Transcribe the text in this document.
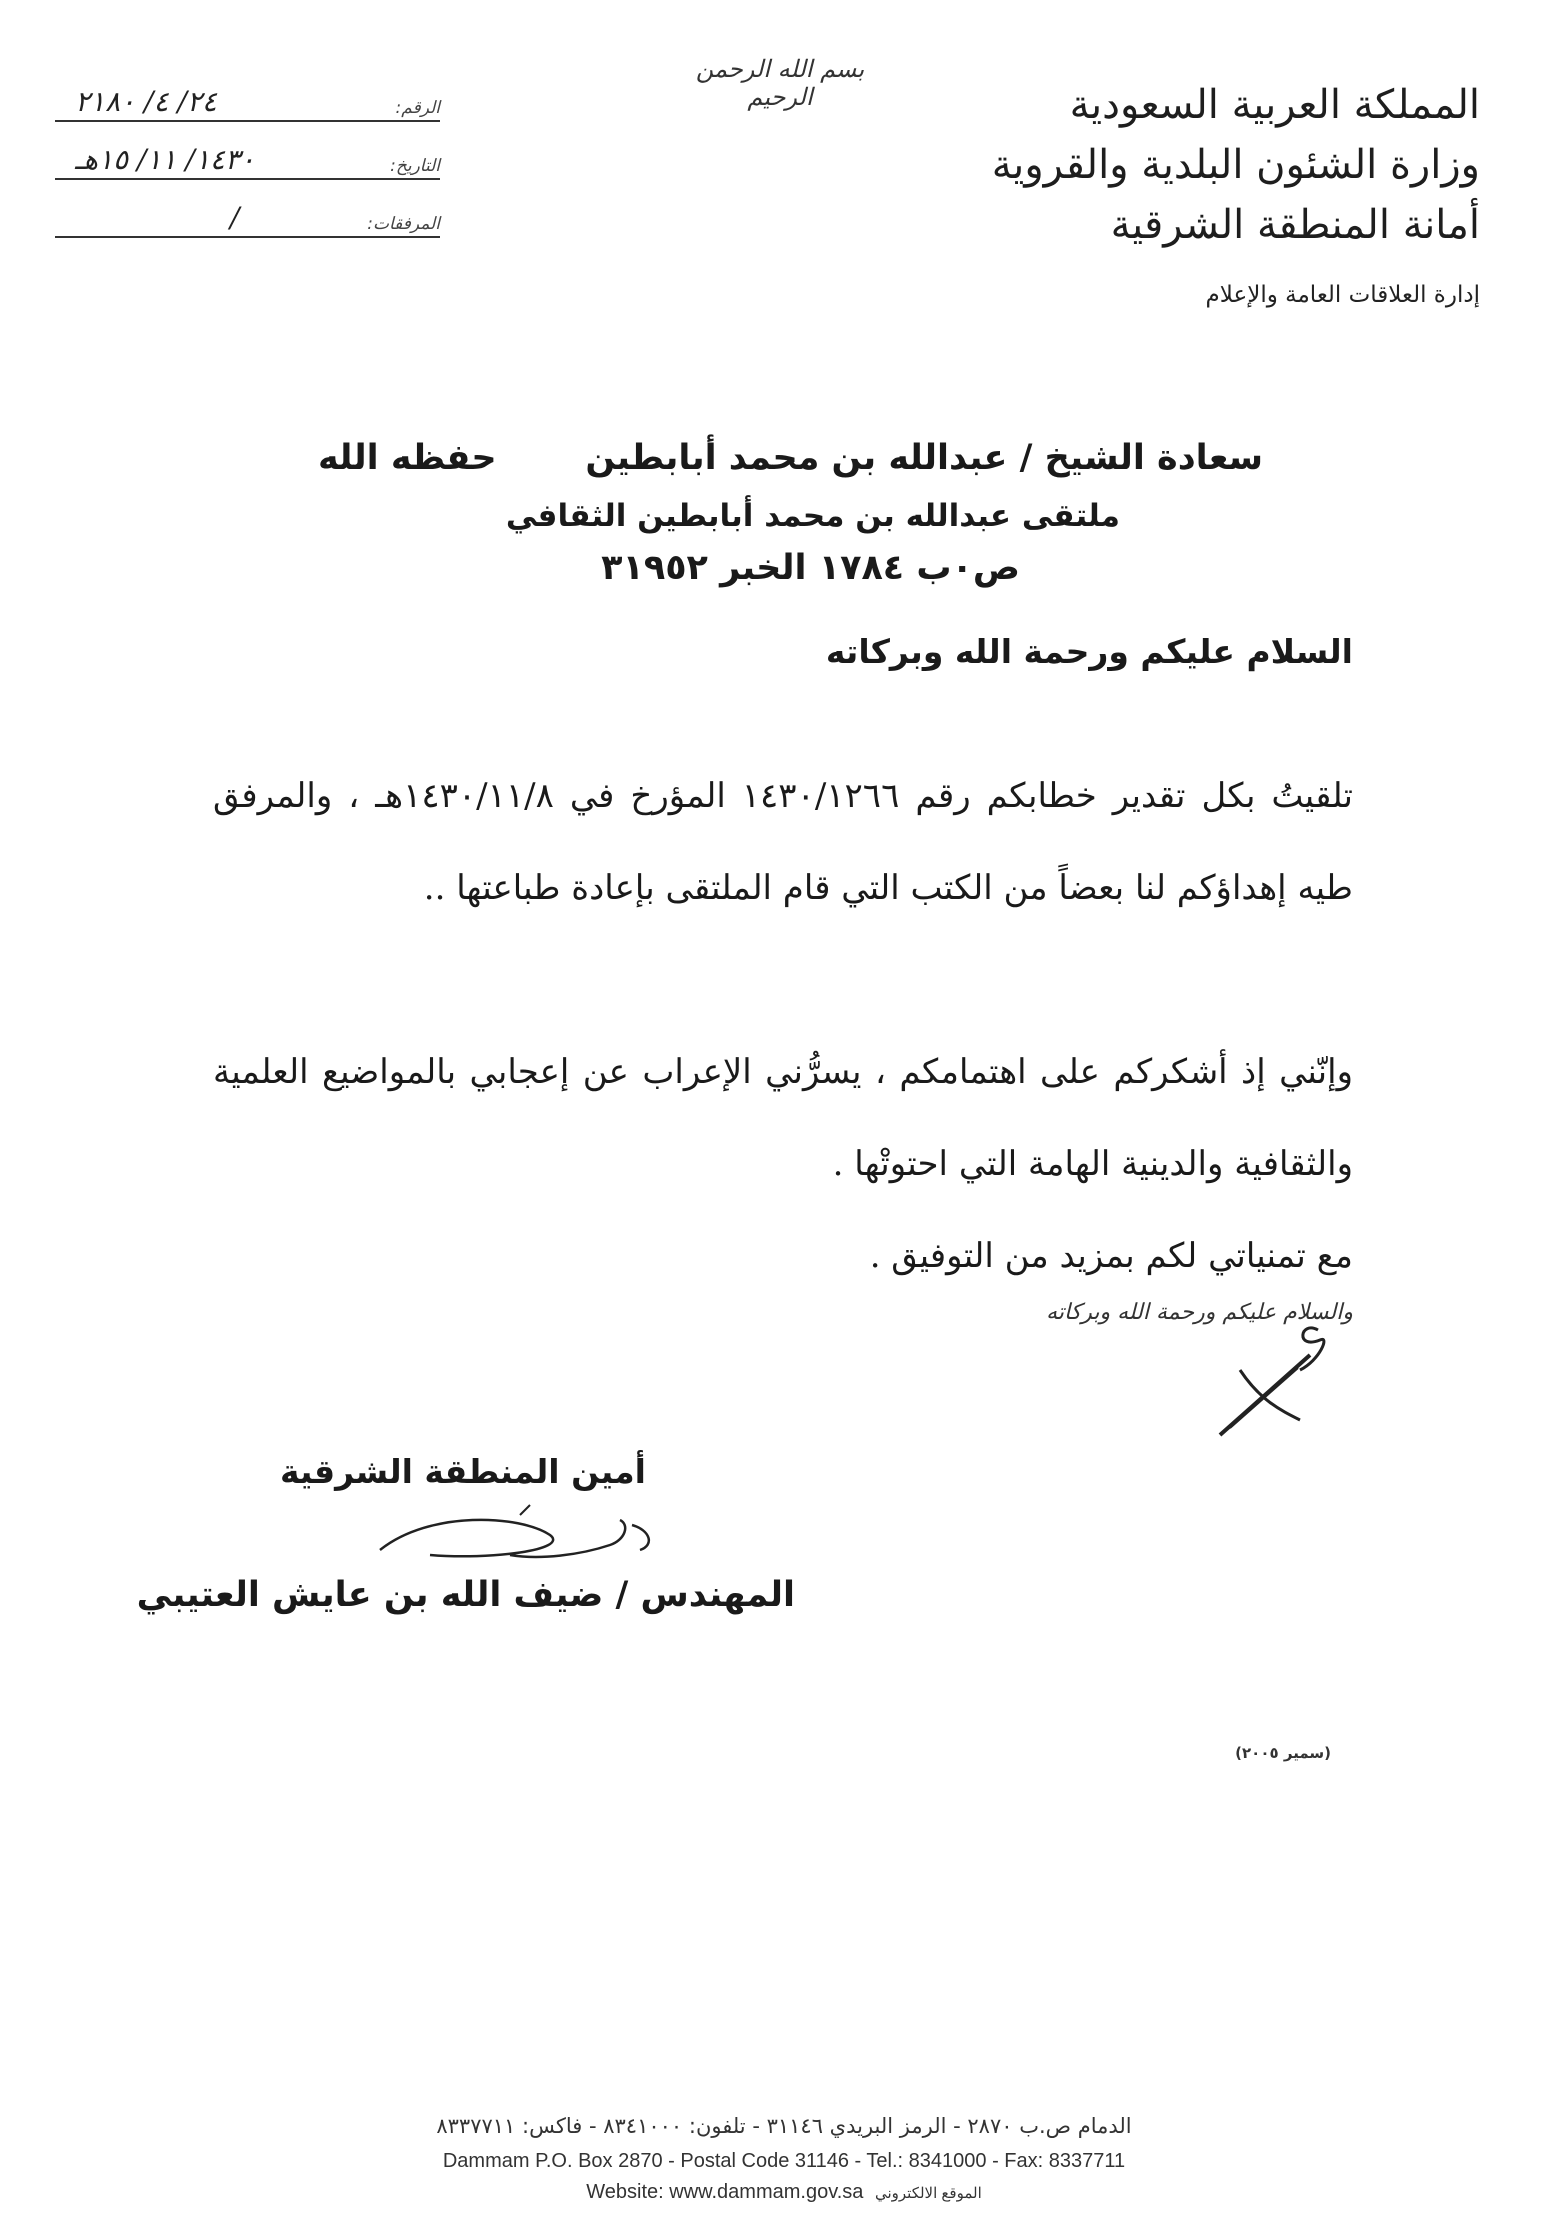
الرقم:
٢٤/ ٤/ ٢١٨٠
التاريخ:
١٤٣٠/ ١١/ ١٥هـ
المرفقات:
/
بسم الله الرحمن الرحيم	المملكة العربية السعودية
وزارة الشئون البلدية والقروية
أمانة المنطقة الشرقية
إدارة العلاقات العامة والإعلام
سعادة الشيخ / عبدالله بن محمد أبابطين
حفظه الله
ملتقى عبدالله بن محمد أبابطين الثقافي
ص٠ب ١٧٨٤ الخبر ٣١٩٥٢
السلام عليكم ورحمة الله وبركاته
تلقيتُ بكل تقدير خطابكم رقم ١٤٣٠/١٢٦٦ المؤرخ في ١٤٣٠/١١/٨هـ ، والمرفق طيه إهداؤكم لنا بعضاً من الكتب التي قام الملتقى بإعادة طباعتها ..
وإنّني إذ أشكركم على اهتمامكم ، يسرُّني الإعراب عن إعجابي بالمواضيع العلمية والثقافية والدينية الهامة التي احتوتْها .
مع تمنياتي لكم بمزيد من التوفيق .
والسلام عليكم ورحمة الله وبركاته
أمين المنطقة الشرقية
المهندس / ضيف الله بن عايش العتيبي
(سمير ٢٠٠٥)
الدمام ص.ب ٢٨٧٠ - الرمز البريدي ٣١١٤٦ - تلفون: ٨٣٤١٠٠٠ - فاكس: ٨٣٣٧٧١١
Dammam P.O. Box 2870 - Postal Code 31146 - Tel.: 8341000 - Fax: 8337711
Website: www.dammam.gov.sa الموقع الالكتروني
